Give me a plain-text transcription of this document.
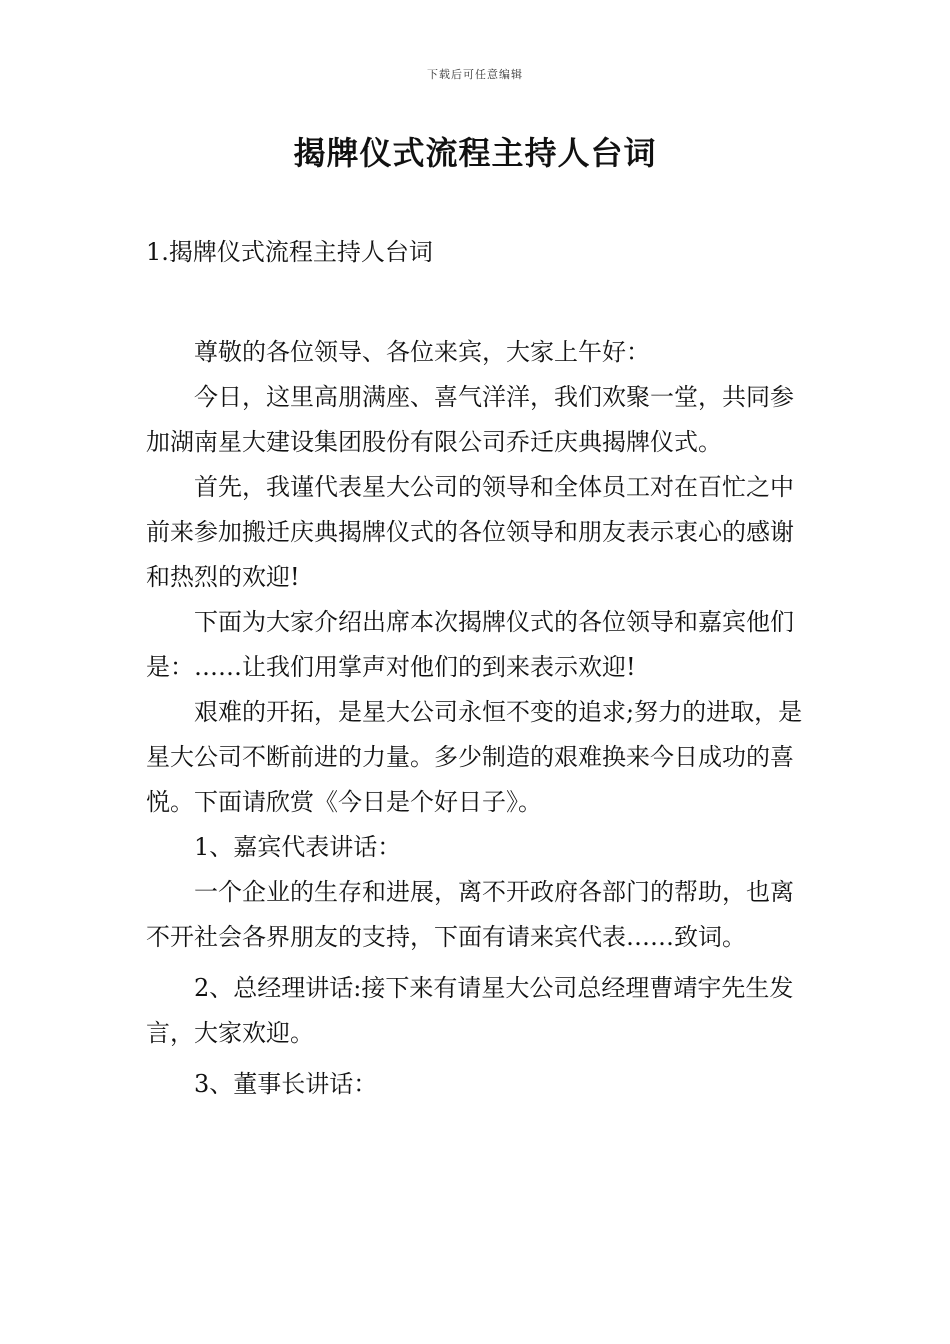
下载后可任意编辑
揭牌仪式流程主持人台词
1.揭牌仪式流程主持人台词

尊敬的各位领导、各位来宾，大家上午好：

今日，这里高朋满座、喜气洋洋，我们欢聚一堂，共同参加湖南星大建设集团股份有限公司乔迁庆典揭牌仪式。

首先，我谨代表星大公司的领导和全体员工对在百忙之中前来参加搬迁庆典揭牌仪式的各位领导和朋友表示衷心的感谢和热烈的欢迎!

下面为大家介绍出席本次揭牌仪式的各位领导和嘉宾他们是：……让我们用掌声对他们的到来表示欢迎!

艰难的开拓，是星大公司永恒不变的追求;努力的进取，是星大公司不断前进的力量。多少制造的艰难换来今日成功的喜悦。下面请欣赏《今日是个好日子》。

1、嘉宾代表讲话：

一个企业的生存和进展，离不开政府各部门的帮助，也离不开社会各界朋友的支持，下面有请来宾代表……致词。

2、总经理讲话:接下来有请星大公司总经理曹靖宇先生发言，大家欢迎。

3、董事长讲话：
